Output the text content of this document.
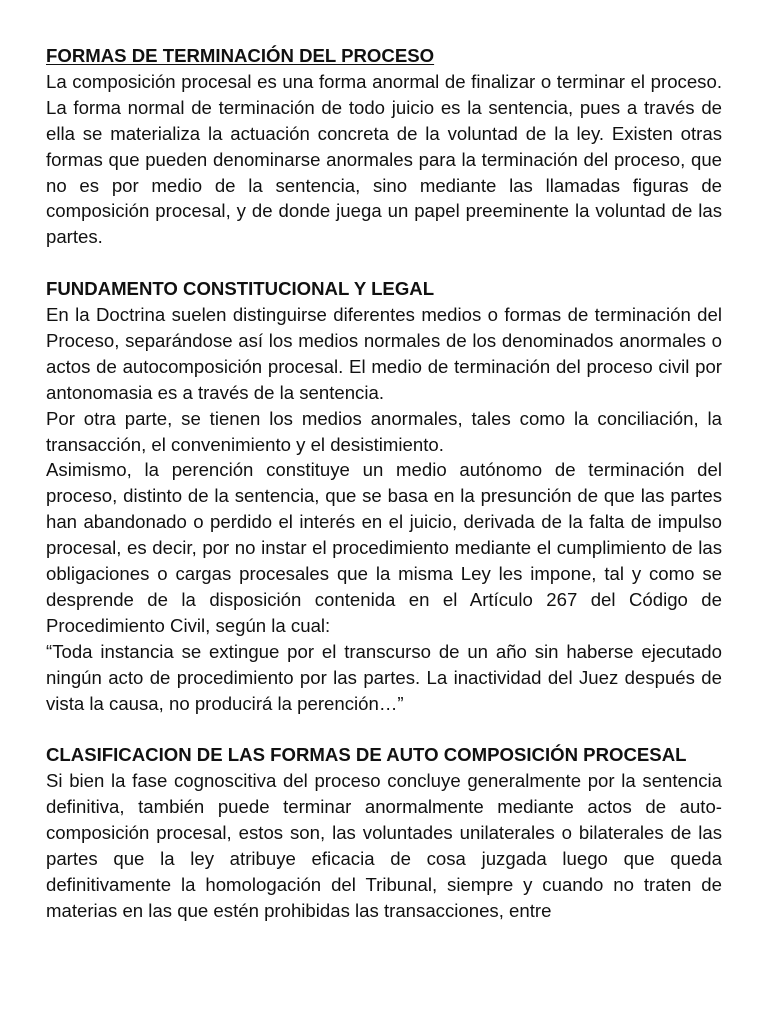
FORMAS DE TERMINACIÓN DEL PROCESO

La composición procesal es una forma anormal de finalizar o terminar el proceso. La forma normal de terminación de todo juicio es la sentencia, pues a través de ella se materializa la actuación concreta de la voluntad de la ley. Existen otras formas que pueden denominarse anormales para la terminación del proceso, que no es por medio de la sentencia, sino mediante las llamadas figuras de composición procesal, y de donde juega un papel preeminente la voluntad de las partes.

FUNDAMENTO CONSTITUCIONAL Y LEGAL

En la Doctrina suelen distinguirse diferentes medios o formas de terminación del Proceso, separándose así los medios normales de los denominados anormales o actos de autocomposición procesal. El medio de terminación del proceso civil por antonomasia es a través de la sentencia.

Por otra parte, se tienen los medios anormales, tales como la conciliación, la transacción, el convenimiento y el desistimiento.

Asimismo, la perención constituye un medio autónomo de terminación del proceso, distinto de la sentencia, que se basa en la presunción de que las partes han abandonado o perdido el interés en el juicio, derivada de la falta de impulso procesal, es decir, por no instar el procedimiento mediante el cumplimiento de las obligaciones o cargas procesales que la misma Ley les impone, tal y como se desprende de la disposición contenida en el Artículo 267 del Código de Procedimiento Civil, según la cual:

“Toda instancia se extingue por el transcurso de un año sin haberse ejecutado ningún acto de procedimiento por las partes. La inactividad del Juez después de vista la causa, no producirá la perención…”

CLASIFICACION DE LAS FORMAS DE AUTO COMPOSICIÓN PROCESAL

Si bien la fase cognoscitiva del proceso concluye generalmente por la sentencia definitiva, también puede terminar anormalmente mediante actos de auto-composición procesal, estos son, las voluntades unilaterales o bilaterales de las partes que la ley atribuye eficacia de cosa juzgada luego que queda definitivamente la homologación del Tribunal, siempre y cuando no traten de materias en las que estén prohibidas las transacciones, entre
